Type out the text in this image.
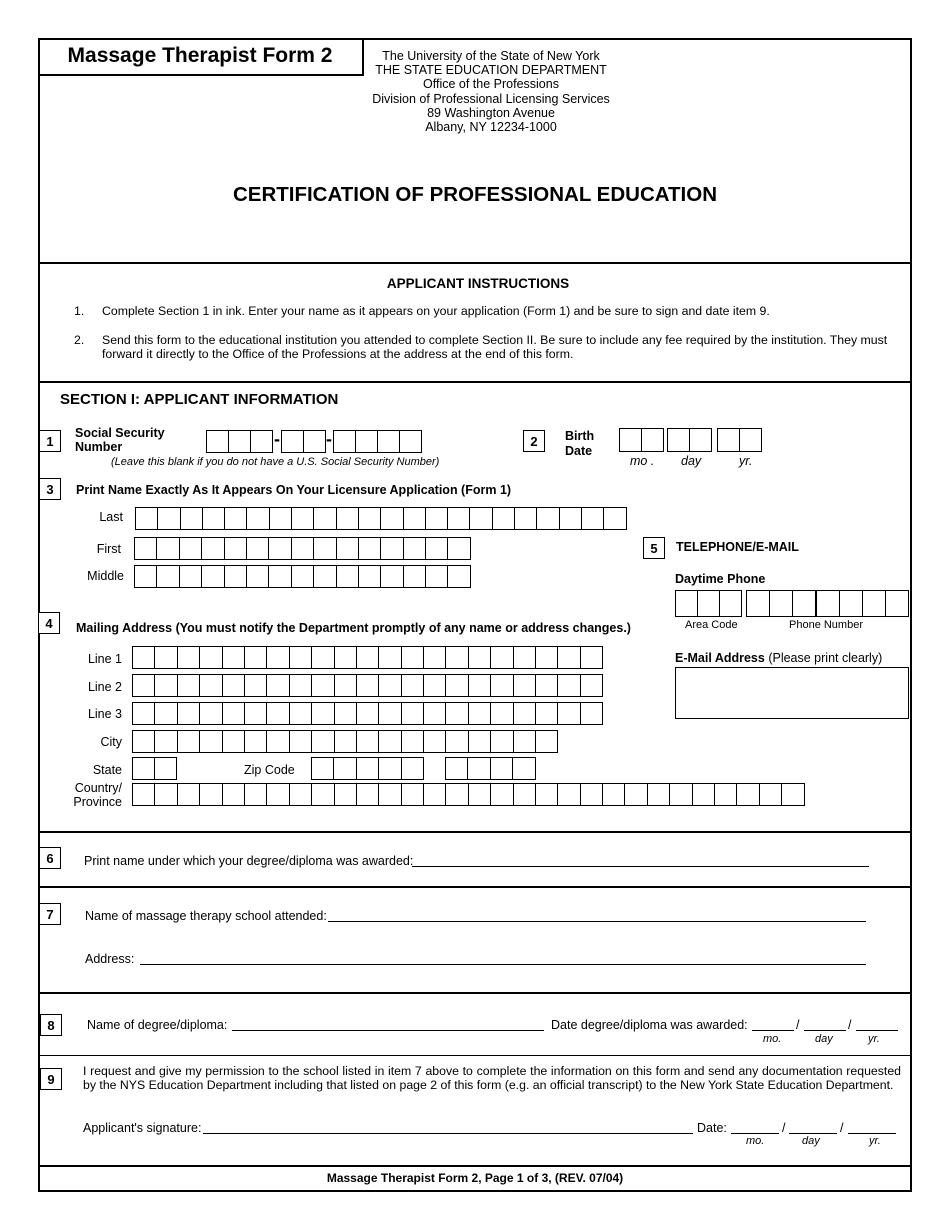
Massage Therapist Form 2	The University of the State of New York
THE STATE EDUCATION DEPARTMENT
Office of the Professions
Division of Professional Licensing Services
89 Washington Avenue
Albany, NY 12234-1000
CERTIFICATION OF PROFESSIONAL EDUCATION
APPLICANT INSTRUCTIONS
1. Complete Section 1 in ink. Enter your name as it appears on your application (Form 1) and be sure to sign and date item 9.
2. Send this form to the educational institution you attended to complete Section II. Be sure to include any fee required by the institution. They must forward it directly to the Office of the Professions at the address at the end of this form.
SECTION I: APPLICANT INFORMATION
1
Social Security
Number	-	-
(Leave this blank if you do not have a U.S. Social Security Number)
2	Birth
Date
mo . day	yr.
3	Print Name Exactly As It Appears On Your Licensure Application (Form 1)
Last
First
Middle
4	Mailing Address (You must notify the Department promptly of any name or address changes.)
Line 1
Line 2
Line 3
City
State	Zip Code
Country/
Province
5	TELEPHONE/E-MAIL
Daytime Phone
Area Code	Phone Number
E-Mail Address (Please print clearly)
6	Print name under which your degree/diploma was awarded:
7	Name of massage therapy school attended:
Address:
8	Name of degree/diploma:	Date degree/diploma was awarded:	/	/
mo.	day	yr.
9
I request and give my permission to the school listed in item 7 above to complete the information on this form and send any documentation requested by the NYS Education Department including that listed on page 2 of this form (e.g. an official transcript) to the New York State Education Department.
Applicant's signature:	Date:	/	/
mo.	day	yr.
Massage Therapist Form 2, Page 1 of 3, (REV. 07/04)
